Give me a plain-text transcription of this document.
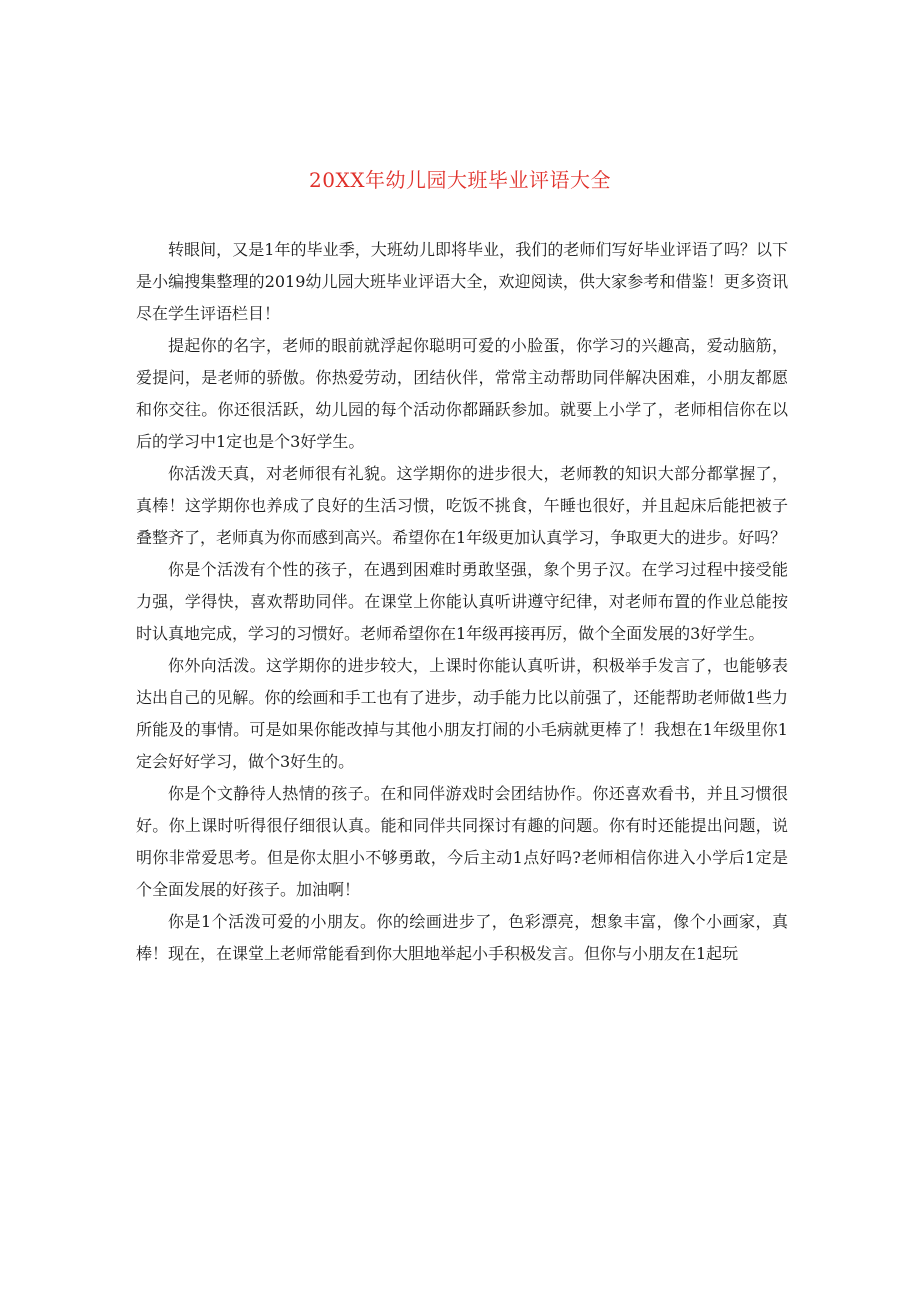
20XX年幼儿园大班毕业评语大全

转眼间，又是1年的毕业季，大班幼儿即将毕业，我们的老师们写好毕业评语了吗？以下是小编搜集整理的2019幼儿园大班毕业评语大全，欢迎阅读，供大家参考和借鉴！更多资讯尽在学生评语栏目！

提起你的名字，老师的眼前就浮起你聪明可爱的小脸蛋，你学习的兴趣高，爱动脑筋，爱提问，是老师的骄傲。你热爱劳动，团结伙伴，常常主动帮助同伴解决困难，小朋友都愿和你交往。你还很活跃，幼儿园的每个活动你都踊跃参加。就要上小学了，老师相信你在以后的学习中1定也是个3好学生。

你活泼天真，对老师很有礼貌。这学期你的进步很大，老师教的知识大部分都掌握了，真棒！这学期你也养成了良好的生活习惯，吃饭不挑食，午睡也很好，并且起床后能把被子叠整齐了，老师真为你而感到高兴。希望你在1年级更加认真学习，争取更大的进步。好吗？

你是个活泼有个性的孩子，在遇到困难时勇敢坚强，象个男子汉。在学习过程中接受能力强，学得快，喜欢帮助同伴。在课堂上你能认真听讲遵守纪律，对老师布置的作业总能按时认真地完成，学习的习惯好。老师希望你在1年级再接再厉，做个全面发展的3好学生。

你外向活泼。这学期你的进步较大，上课时你能认真听讲，积极举手发言了，也能够表达出自己的见解。你的绘画和手工也有了进步，动手能力比以前强了，还能帮助老师做1些力所能及的事情。可是如果你能改掉与其他小朋友打闹的小毛病就更棒了！我想在1年级里你1定会好好学习，做个3好生的。

你是个文静待人热情的孩子。在和同伴游戏时会团结协作。你还喜欢看书，并且习惯很好。你上课时听得很仔细很认真。能和同伴共同探讨有趣的问题。你有时还能提出问题，说明你非常爱思考。但是你太胆小不够勇敢，今后主动1点好吗?老师相信你进入小学后1定是个全面发展的好孩子。加油啊！

你是1个活泼可爱的小朋友。你的绘画进步了，色彩漂亮，想象丰富，像个小画家，真棒！现在，在课堂上老师常能看到你大胆地举起小手积极发言。但你与小朋友在1起玩
